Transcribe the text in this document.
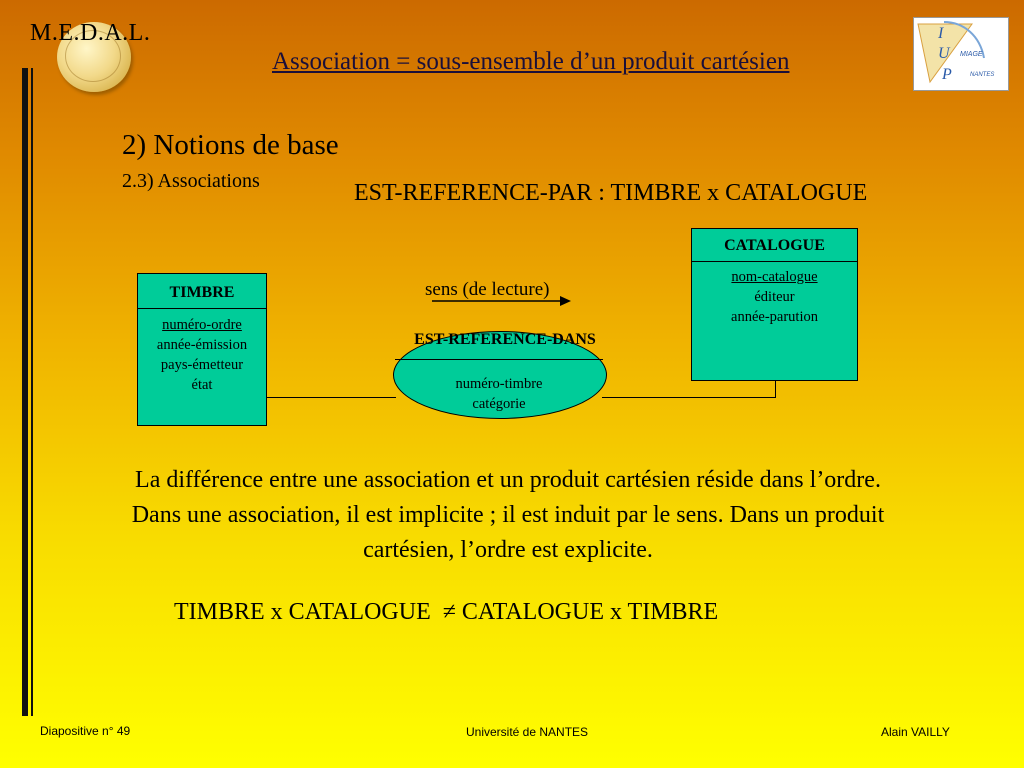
M.E.D.A.L.
Association = sous-ensemble d’un produit cartésien
I
U MIAGE
P	NANTES
2) Notions de base
2.3) Associations	EST-REFERENCE-PAR : TIMBRE x CATALOGUE
TIMBRE
numéro-ordre
année-émission
pays-émetteur
état
CATALOGUE
nom-catalogue
éditeur
année-parution
EST-REFERENCE-DANS
numéro-timbre
catégorie
sens (de lecture)
La différence entre une association et un produit cartésien réside dans l’ordre. Dans une association, il est implicite ; il est induit par le sens. Dans un produit cartésien, l’ordre est explicite.
TIMBRE x CATALOGUE ≠ CATALOGUE x TIMBRE
Diapositive n° 49	Université de NANTES	Alain VAILLY
